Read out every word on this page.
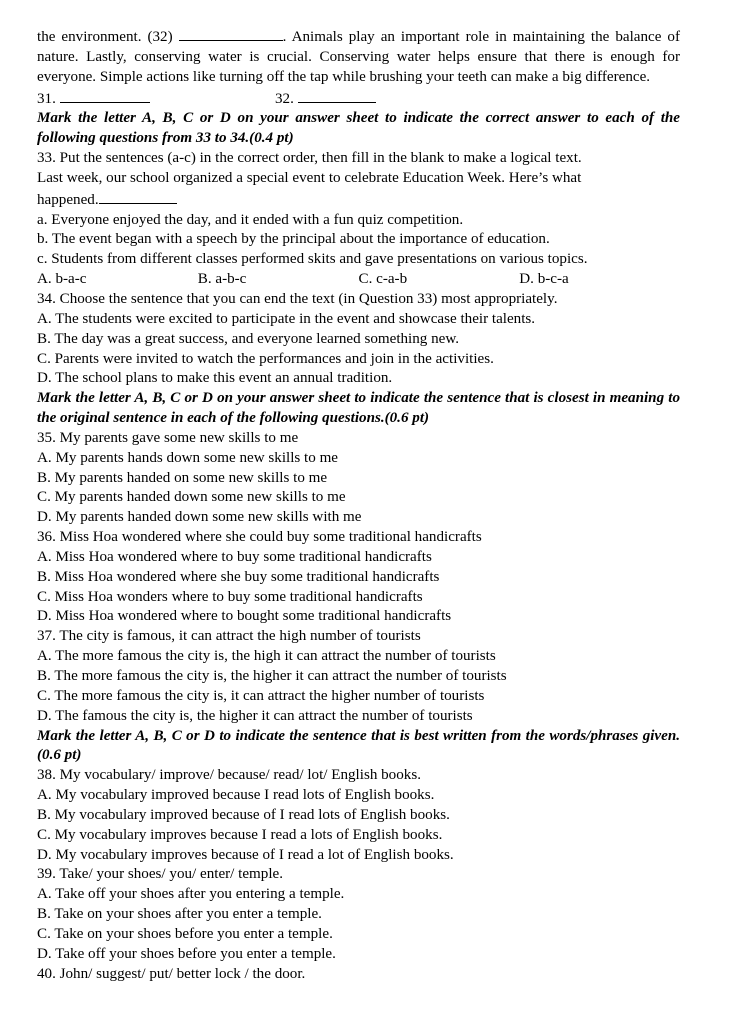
the environment. (32)	. Animals play an important role in maintaining the balance of nature. Lastly, conserving water is crucial. Conserving water helps ensure that there is enough for everyone. Simple actions like turning off the tap while brushing your teeth can make a big difference.

31.	32.

Mark the letter A, B, C or D on your answer sheet to indicate the correct answer to each of the following questions from 33 to 34.(0.4 pt)

33. Put the sentences (a-c) in the correct order, then fill in the blank to make a logical text.

Last week, our school organized a special event to celebrate Education Week. Here’s what

happened.

a. Everyone enjoyed the day, and it ended with a fun quiz competition.

b. The event began with a speech by the principal about the importance of education.

c. Students from different classes performed skits and gave presentations on various topics.

A. b-a-c	B. a-b-c	C. c-a-b	D. b-c-a

34. Choose the sentence that you can end the text (in Question 33) most appropriately.

A. The students were excited to participate in the event and showcase their talents.

B. The day was a great success, and everyone learned something new.

C. Parents were invited to watch the performances and join in the activities.

D. The school plans to make this event an annual tradition.

Mark the letter A, B, C or D on your answer sheet to indicate the sentence that is closest in meaning to the original sentence in each of the following questions.(0.6 pt)

35. My parents gave some new skills to me

A. My parents hands down some new skills to me

B. My parents handed on some new skills to me

C. My parents handed down some new skills to me

D. My parents handed down some new skills with me

36. Miss Hoa wondered where she could buy some traditional handicrafts

A. Miss Hoa wondered where to buy some traditional handicrafts

B. Miss Hoa wondered where she buy some traditional handicrafts

C. Miss Hoa wonders where to buy some traditional handicrafts

D. Miss Hoa wondered where to bought some traditional handicrafts

37. The city is famous, it can attract the high number of tourists

A. The more famous the city is, the high it can attract the number of tourists

B. The more famous the city is, the higher it can attract the number of tourists

C. The more famous the city is, it can attract the higher number of tourists

D. The famous the city is, the higher it can attract the number of tourists

Mark the letter A, B, C or D to indicate the sentence that is best written from the words/phrases given.(0.6 pt)

38. My vocabulary/ improve/ because/ read/ lot/ English books.

A. My vocabulary improved because I read lots of English books.

B. My vocabulary improved because of I read lots of English books.

C. My vocabulary improves because I read a lots of English books.

D. My vocabulary improves because of I read a lot of English books.

39. Take/ your shoes/ you/ enter/ temple.

A. Take off your shoes after you entering a temple.

B. Take on your shoes after you enter a temple.

C. Take on your shoes before you enter a temple.

D. Take off your shoes before you enter a temple.

40. John/ suggest/ put/ better lock / the door.
